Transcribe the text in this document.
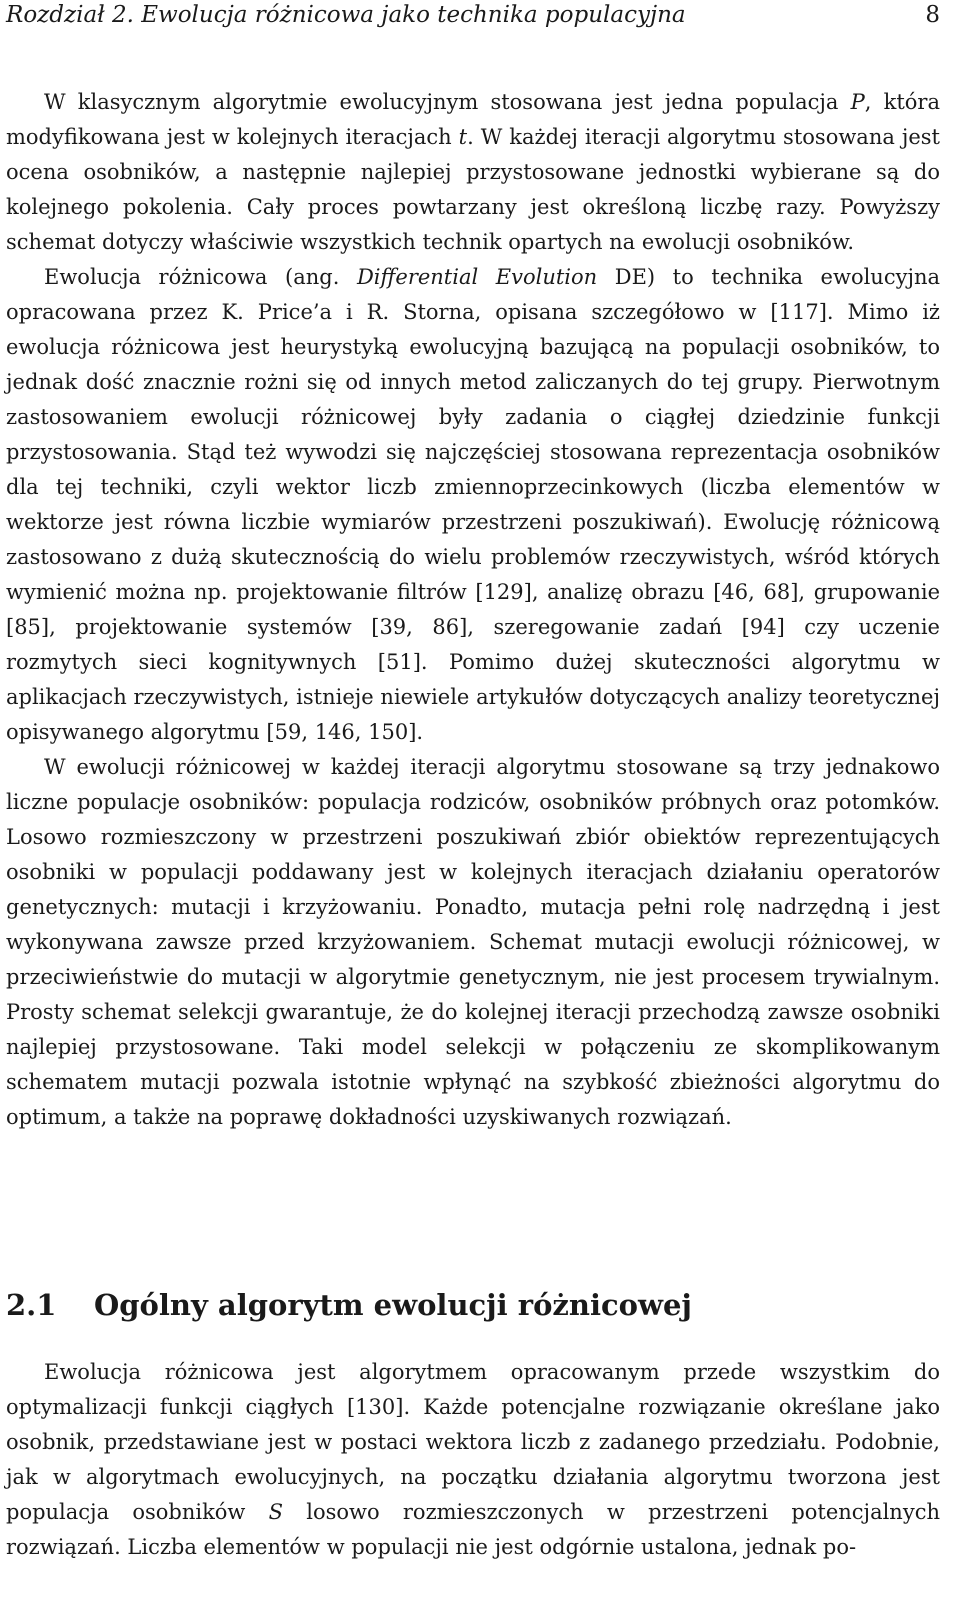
Rozdział 2. Ewolucja różnicowa jako technika populacyjna	8

W klasycznym algorytmie ewolucyjnym stosowana jest jedna populacja P, która modyfikowana jest w kolejnych iteracjach t. W każdej iteracji algorytmu stosowana jest ocena osobników, a następnie najlepiej przystosowane jednostki wybierane są do kolejnego pokolenia. Cały proces powtarzany jest określoną liczbę razy. Powyższy schemat dotyczy właściwie wszystkich technik opartych na ewolucji osobników.

Ewolucja różnicowa (ang. Differential Evolution DE) to technika ewolucyjna opracowana przez K. Price’a i R. Storna, opisana szczegółowo w [117]. Mimo iż ewolucja różnicowa jest heurystyką ewolucyjną bazującą na populacji osobników, to jednak dość znacznie rożni się od innych metod zaliczanych do tej grupy. Pierwotnym zastosowaniem ewolucji różnicowej były zadania o ciągłej dziedzinie funkcji przystosowania. Stąd też wywodzi się najczęściej stosowana reprezentacja osobników dla tej techniki, czyli wektor liczb zmiennoprzecinkowych (liczba elementów w wektorze jest równa liczbie wymiarów przestrzeni poszukiwań). Ewolucję różnicową zastosowano z dużą skutecznością do wielu problemów rzeczywistych, wśród których wymienić można np. projektowanie filtrów [129], analizę obrazu [46, 68], grupowanie [85], projektowanie systemów [39, 86], szeregowanie zadań [94] czy uczenie rozmytych sieci kognitywnych [51]. Pomimo dużej skuteczności algorytmu w aplikacjach rzeczywistych, istnieje niewiele artykułów dotyczących analizy teoretycznej opisywanego algorytmu [59, 146, 150].

W ewolucji różnicowej w każdej iteracji algorytmu stosowane są trzy jednakowo liczne populacje osobników: populacja rodziców, osobników próbnych oraz potomków. Losowo rozmieszczony w przestrzeni poszukiwań zbiór obiektów reprezentujących osobniki w populacji poddawany jest w kolejnych iteracjach działaniu operatorów genetycznych: mutacji i krzyżowaniu. Ponadto, mutacja pełni rolę nadrzędną i jest wykonywana zawsze przed krzyżowaniem. Schemat mutacji ewolucji różnicowej, w przeciwieństwie do mutacji w algorytmie genetycznym, nie jest procesem trywialnym. Prosty schemat selekcji gwarantuje, że do kolejnej iteracji przechodzą zawsze osobniki najlepiej przystosowane. Taki model selekcji w połączeniu ze skomplikowanym schematem mutacji pozwala istotnie wpłynąć na szybkość zbieżności algorytmu do optimum, a także na poprawę dokładności uzyskiwanych rozwiązań.

2.1 Ogólny algorytm ewolucji różnicowej

Ewolucja różnicowa jest algorytmem opracowanym przede wszystkim do optymalizacji funkcji ciągłych [130]. Każde potencjalne rozwiązanie określane jako osobnik, przedstawiane jest w postaci wektora liczb z zadanego przedziału. Podobnie, jak w algorytmach ewolucyjnych, na początku działania algorytmu tworzona jest populacja osobników S losowo rozmieszczonych w przestrzeni potencjalnych rozwiązań. Liczba elementów w populacji nie jest odgórnie ustalona, jednak po-
